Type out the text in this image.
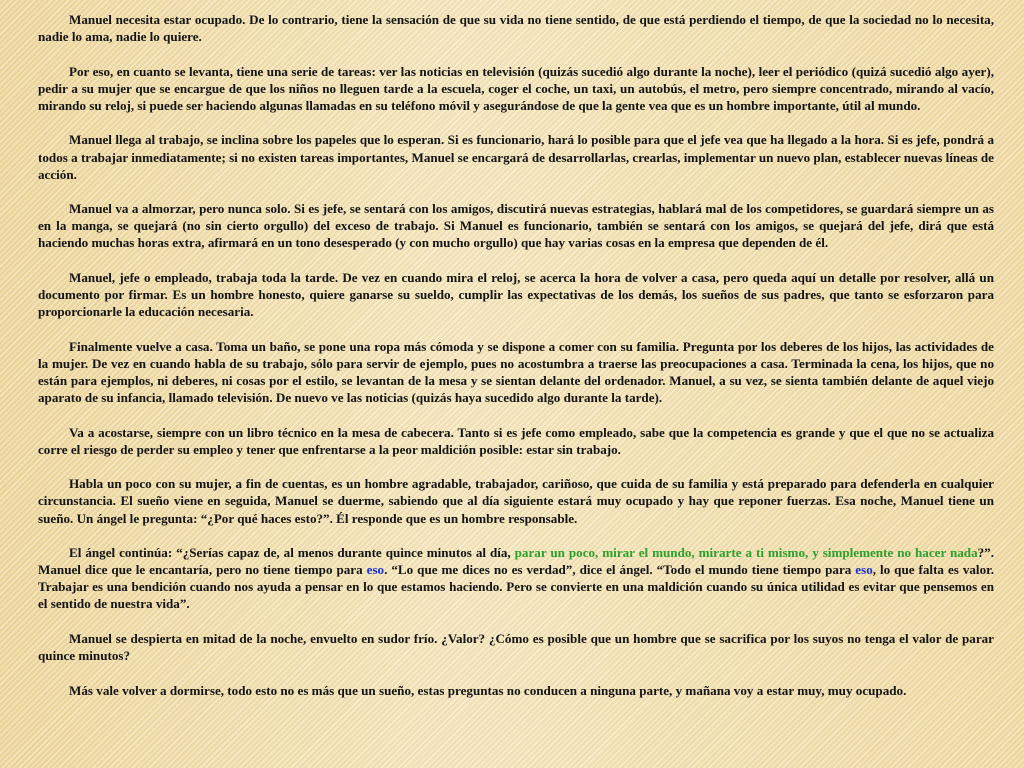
Manuel necesita estar ocupado. De lo contrario, tiene la sensación de que su vida no tiene sentido, de que está perdiendo el tiempo, de que la sociedad no lo necesita, nadie lo ama, nadie lo quiere.

Por eso, en cuanto se levanta, tiene una serie de tareas: ver las noticias en televisión (quizás sucedió algo durante la noche), leer el periódico (quizá sucedió algo ayer), pedir a su mujer que se encargue de que los niños no lleguen tarde a la escuela, coger el coche, un taxi, un autobús, el metro, pero siempre concentrado, mirando al vacío, mirando su reloj, si puede ser haciendo algunas llamadas en su teléfono móvil y asegurándose de que la gente vea que es un hombre importante, útil al mundo.

Manuel llega al trabajo, se inclina sobre los papeles que lo esperan. Si es funcionario, hará lo posible para que el jefe vea que ha llegado a la hora. Si es jefe, pondrá a todos a trabajar inmediatamente; si no existen tareas importantes, Manuel se encargará de desarrollarlas, crearlas, implementar un nuevo plan, establecer nuevas líneas de acción.

Manuel va a almorzar, pero nunca solo. Si es jefe, se sentará con los amigos, discutirá nuevas estrategias, hablará mal de los competidores, se guardará siempre un as en la manga, se quejará (no sin cierto orgullo) del exceso de trabajo. Si Manuel es funcionario, también se sentará con los amigos, se quejará del jefe, dirá que está haciendo muchas horas extra, afirmará en un tono desesperado (y con mucho orgullo) que hay varias cosas en la empresa que dependen de él.

Manuel, jefe o empleado, trabaja toda la tarde. De vez en cuando mira el reloj, se acerca la hora de volver a casa, pero queda aquí un detalle por resolver, allá un documento por firmar. Es un hombre honesto, quiere ganarse su sueldo, cumplir las expectativas de los demás, los sueños de sus padres, que tanto se esforzaron para proporcionarle la educación necesaria.

Finalmente vuelve a casa. Toma un baño, se pone una ropa más cómoda y se dispone a comer con su familia. Pregunta por los deberes de los hijos, las actividades de la mujer. De vez en cuando habla de su trabajo, sólo para servir de ejemplo, pues no acostumbra a traerse las preocupaciones a casa. Terminada la cena, los hijos, que no están para ejemplos, ni deberes, ni cosas por el estilo, se levantan de la mesa y se sientan delante del ordenador. Manuel, a su vez, se sienta también delante de aquel viejo aparato de su infancia, llamado televisión. De nuevo ve las noticias (quizás haya sucedido algo durante la tarde).

Va a acostarse, siempre con un libro técnico en la mesa de cabecera. Tanto si es jefe como empleado, sabe que la competencia es grande y que el que no se actualiza corre el riesgo de perder su empleo y tener que enfrentarse a la peor maldición posible: estar sin trabajo.

Habla un poco con su mujer, a fin de cuentas, es un hombre agradable, trabajador, cariñoso, que cuida de su familia y está preparado para defenderla en cualquier circunstancia. El sueño viene en seguida, Manuel se duerme, sabiendo que al día siguiente estará muy ocupado y hay que reponer fuerzas. Esa noche, Manuel tiene un sueño. Un ángel le pregunta: “¿Por qué haces esto?”. Él responde que es un hombre responsable.

El ángel continúa: “¿Serías capaz de, al menos durante quince minutos al día, parar un poco, mirar el mundo, mirarte a ti mismo, y simplemente no hacer nada?”. Manuel dice que le encantaría, pero no tiene tiempo para eso. “Lo que me dices no es verdad”, dice el ángel. “Todo el mundo tiene tiempo para eso, lo que falta es valor. Trabajar es una bendición cuando nos ayuda a pensar en lo que estamos haciendo. Pero se convierte en una maldición cuando su única utilidad es evitar que pensemos en el sentido de nuestra vida”.

Manuel se despierta en mitad de la noche, envuelto en sudor frío. ¿Valor? ¿Cómo es posible que un hombre que se sacrifica por los suyos no tenga el valor de parar quince minutos?

Más vale volver a dormirse, todo esto no es más que un sueño, estas preguntas no conducen a ninguna parte, y mañana voy a estar muy, muy ocupado.
